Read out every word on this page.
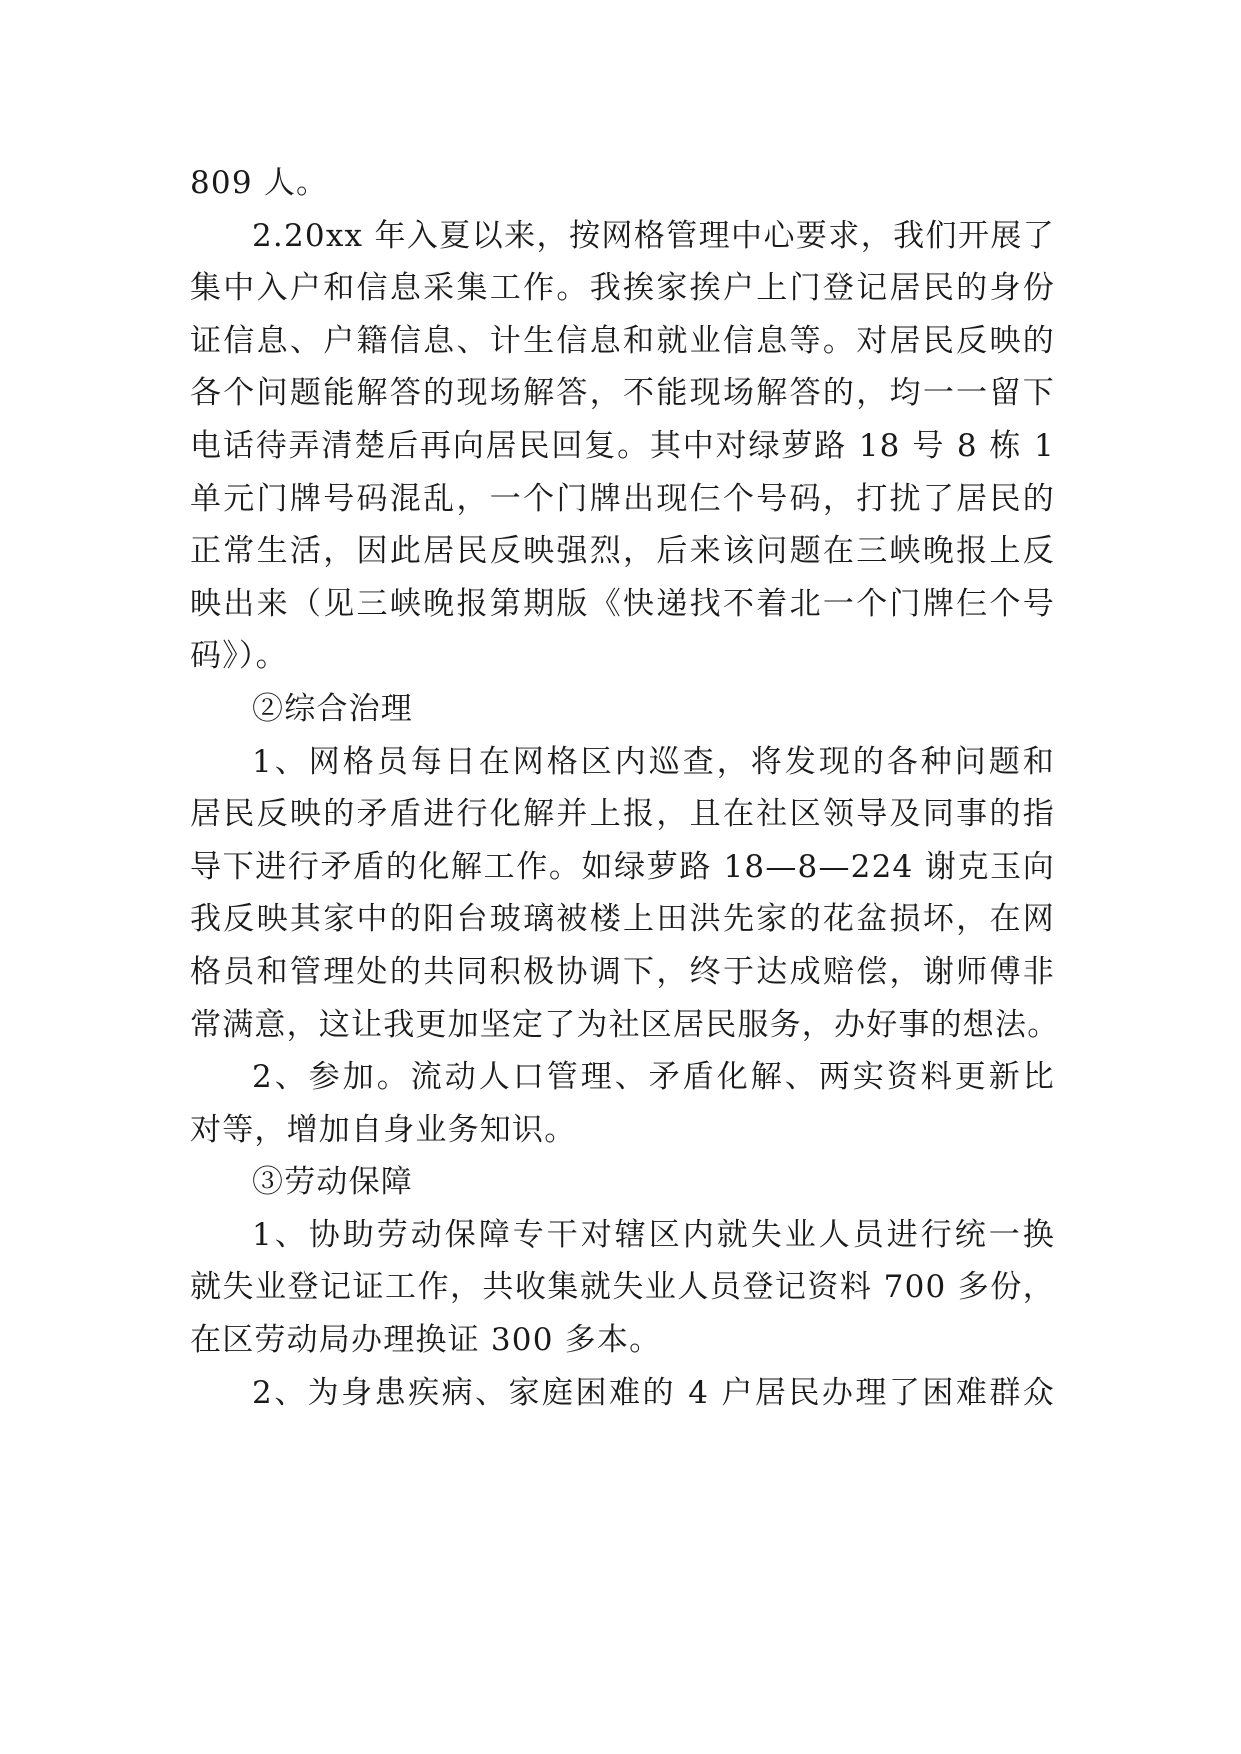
809 人。
2.20xx 年入夏以来，按网格管理中心要求，我们开展了
集中入户和信息采集工作。我挨家挨户上门登记居民的身份
证信息、户籍信息、计生信息和就业信息等。对居民反映的
各个问题能解答的现场解答，不能现场解答的，均一一留下
电话待弄清楚后再向居民回复。其中对绿萝路 18 号 8 栋 1
单元门牌号码混乱，一个门牌出现仨个号码，打扰了居民的
正常生活，因此居民反映强烈，后来该问题在三峡晚报上反
映出来（见三峡晚报第期版《快递找不着北一个门牌仨个号
码》）。
②综合治理
1、网格员每日在网格区内巡查，将发现的各种问题和
居民反映的矛盾进行化解并上报，且在社区领导及同事的指
导下进行矛盾的化解工作。如绿萝路 18—8—224 谢克玉向
我反映其家中的阳台玻璃被楼上田洪先家的花盆损坏，在网
格员和管理处的共同积极协调下，终于达成赔偿，谢师傅非
常满意，这让我更加坚定了为社区居民服务，办好事的想法。
2、参加。流动人口管理、矛盾化解、两实资料更新比
对等，增加自身业务知识。
③劳动保障
1、协助劳动保障专干对辖区内就失业人员进行统一换
就失业登记证工作，共收集就失业人员登记资料 700 多份，
在区劳动局办理换证 300 多本。
2、为身患疾病、家庭困难的 4 户居民办理了困难群众
